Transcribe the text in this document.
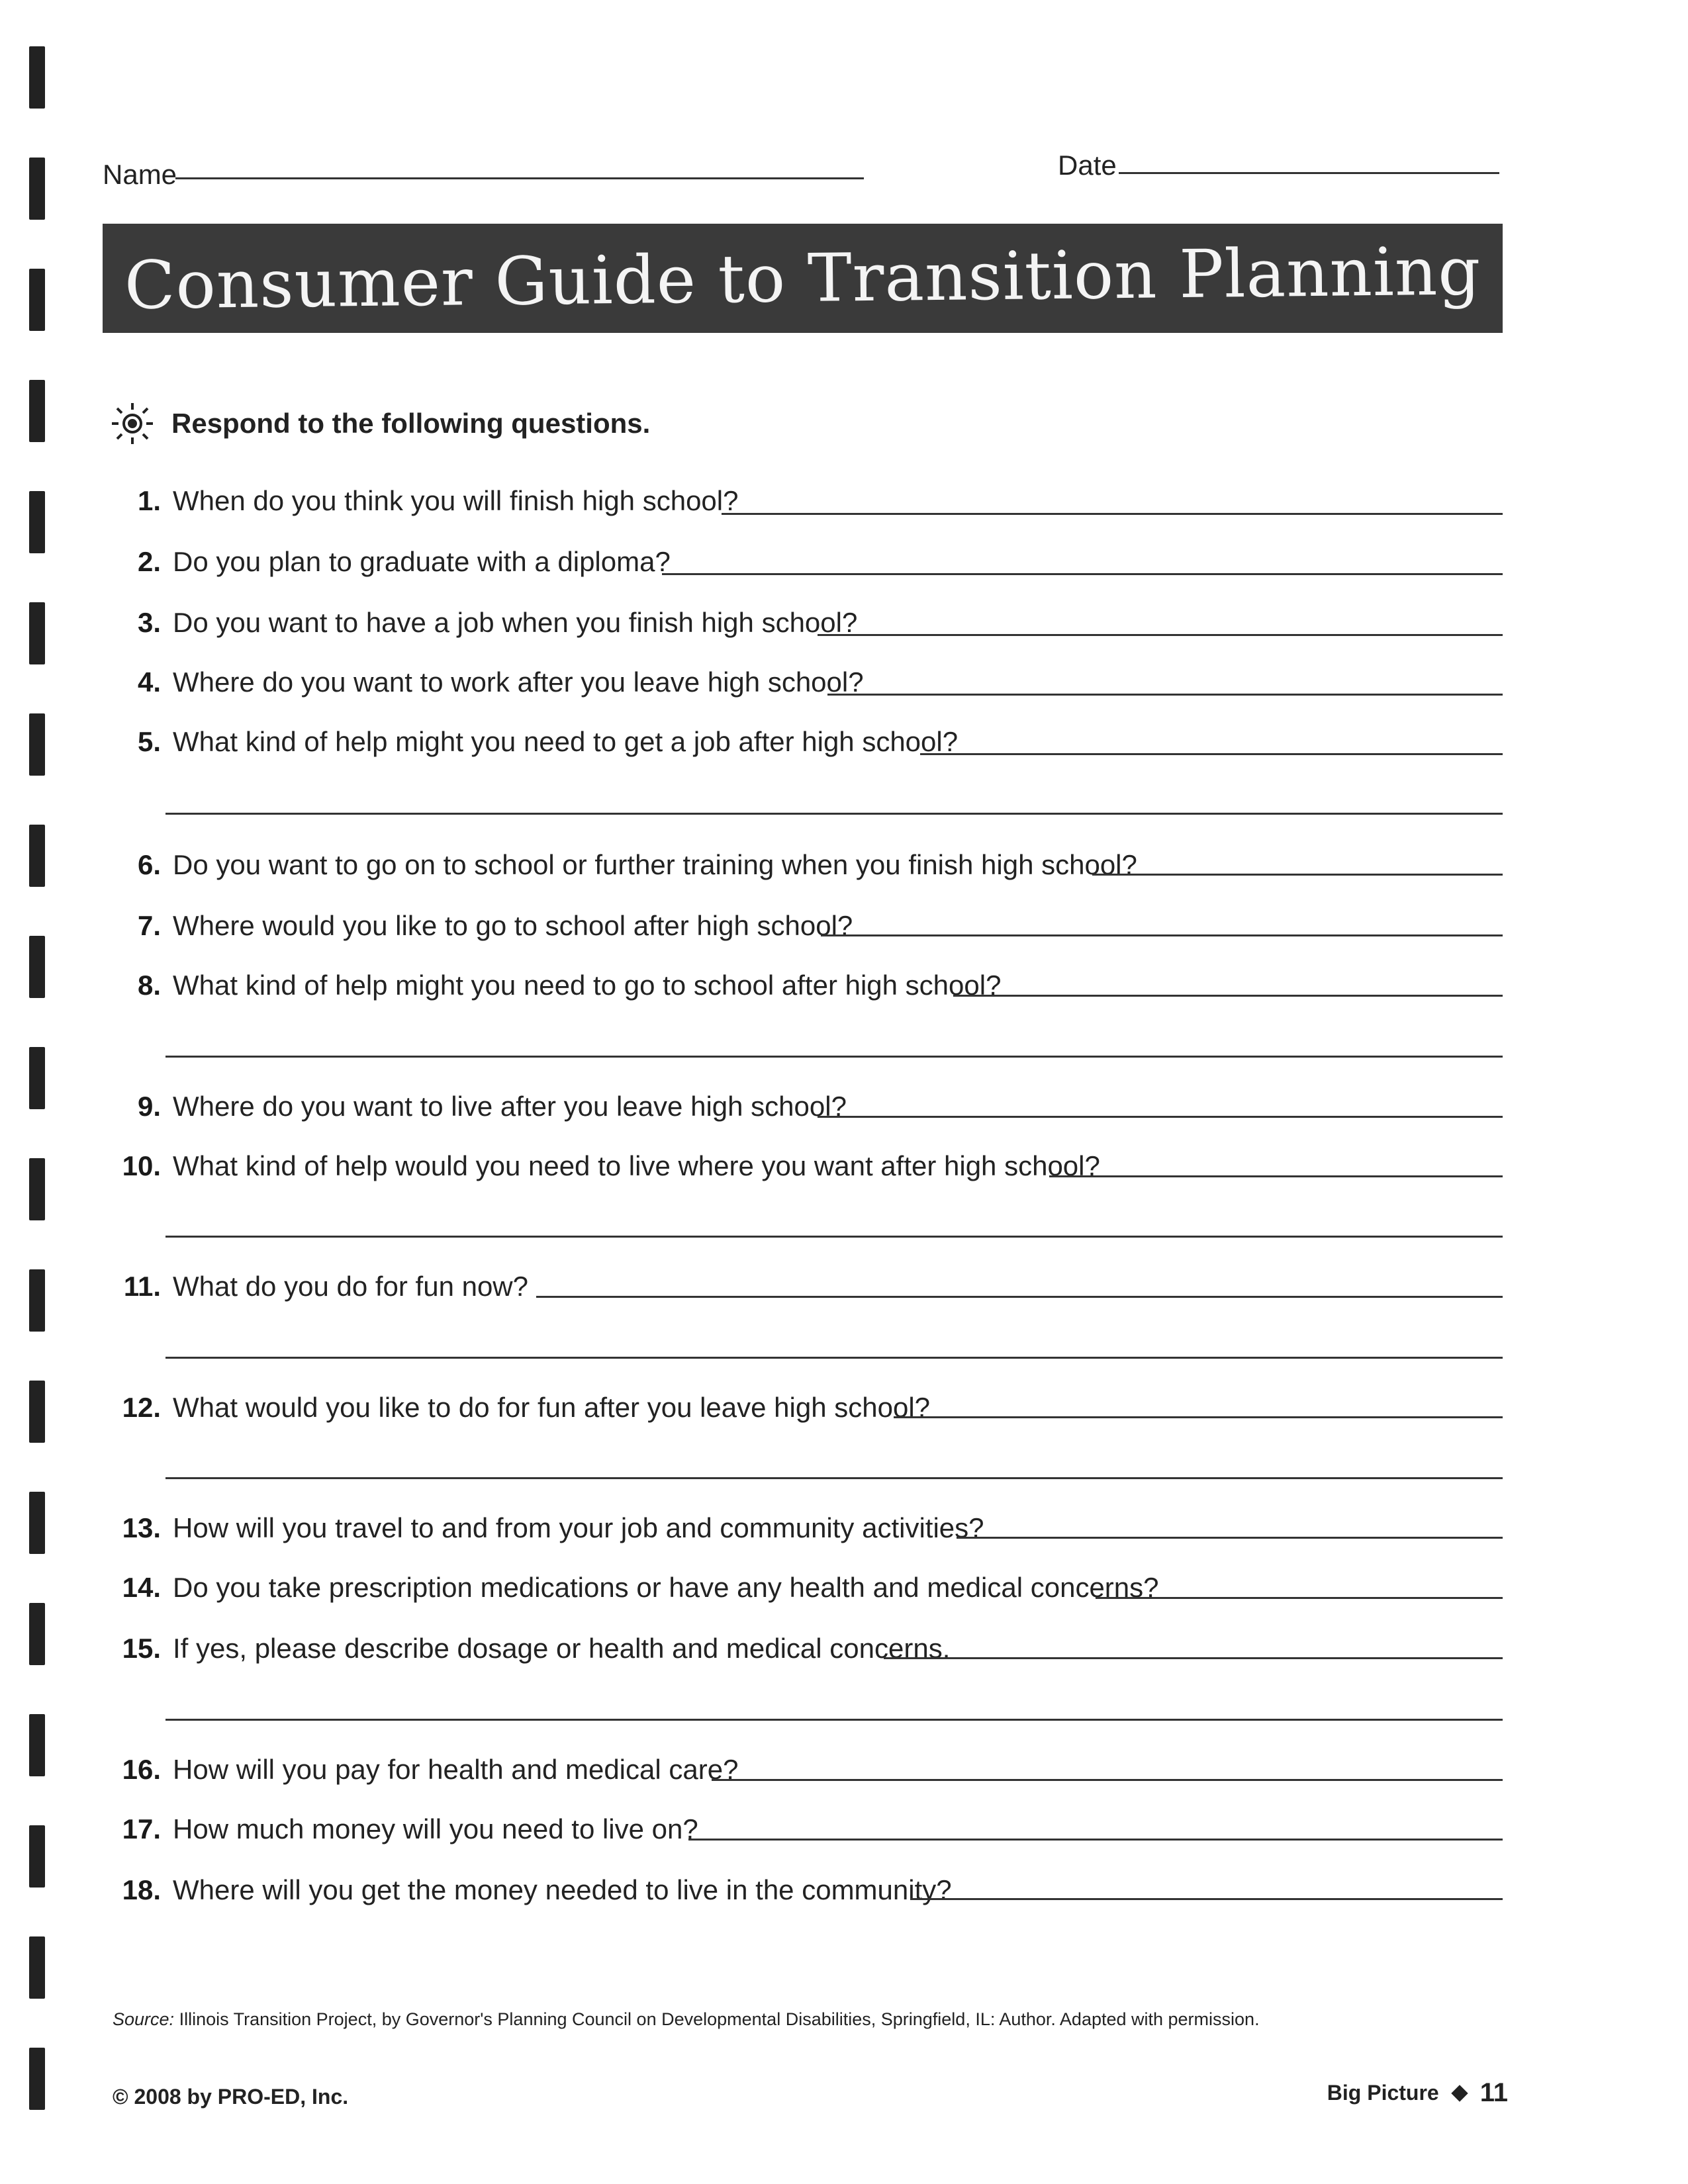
Name	Date
Consumer Guide to Transition Planning
Respond to the following questions.
1. When do you think you will finish high school?
2. Do you plan to graduate with a diploma?
3. Do you want to have a job when you finish high school?
4. Where do you want to work after you leave high school?
5. What kind of help might you need to get a job after high school?
6. Do you want to go on to school or further training when you finish high school?
7. Where would you like to go to school after high school?
8. What kind of help might you need to go to school after high school?
9. Where do you want to live after you leave high school?
10. What kind of help would you need to live where you want after high school?
11. What do you do for fun now?
12. What would you like to do for fun after you leave high school?
13. How will you travel to and from your job and community activities?
14. Do you take prescription medications or have any health and medical concerns?
15. If yes, please describe dosage or health and medical concerns.
16. How will you pay for health and medical care?
17. How much money will you need to live on?
18. Where will you get the money needed to live in the community?
Source: Illinois Transition Project, by Governor's Planning Council on Developmental Disabilities, Springfield, IL: Author. Adapted with permission.
© 2008 by PRO-ED, Inc.	Big Picture 11
